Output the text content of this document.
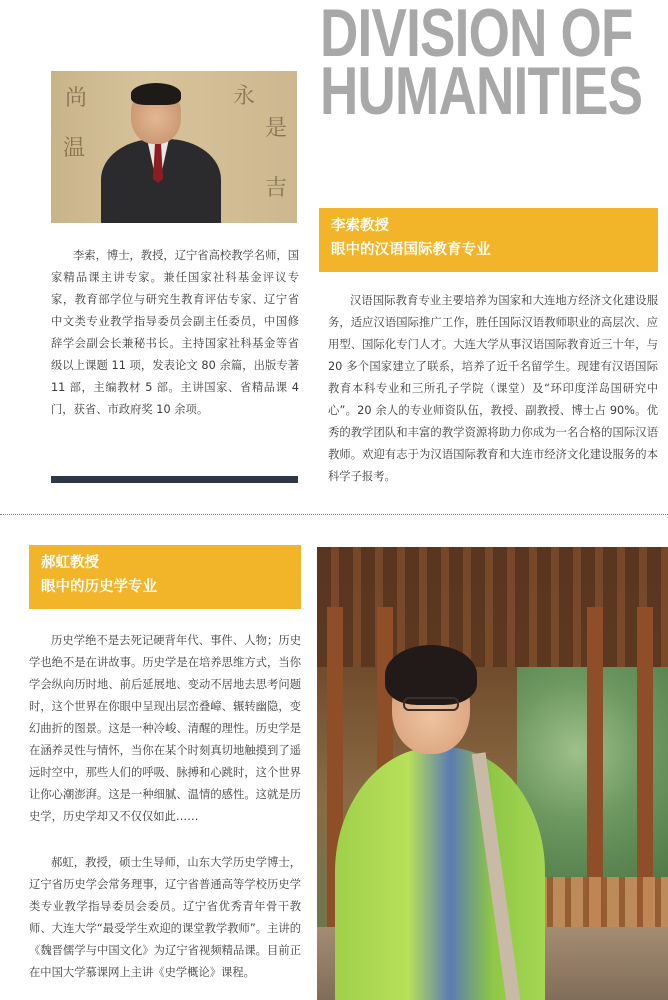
DIVISION OF
HUMANITIES
尚
温
永
是
吉
李索，博士，教授，辽宁省高校教学名师，国家精品课主讲专家。兼任国家社科基金评议专家，教育部学位与研究生教育评估专家、辽宁省中文类专业教学指导委员会副主任委员，中国修辞学会副会长兼秘书长。主持国家社科基金等省级以上课题 11 项，发表论文 80 余篇，出版专著 11 部，主编教材 5 部。主讲国家、省精品课 4 门，获省、市政府奖 10 余项。
李索教授
眼中的汉语国际教育专业
汉语国际教育专业主要培养为国家和大连地方经济文化建设服务，适应汉语国际推广工作，胜任国际汉语教师职业的高层次、应用型、国际化专门人才。大连大学从事汉语国际教育近三十年，与 20 多个国家建立了联系，培养了近千名留学生。现建有汉语国际教育本科专业和三所孔子学院（课堂）及“环印度洋岛国研究中心”。20 余人的专业师资队伍，教授、副教授、博士占 90%。优秀的教学团队和丰富的教学资源将助力你成为一名合格的国际汉语教师。欢迎有志于为汉语国际教育和大连市经济文化建设服务的本科学子报考。
郝虹教授
眼中的历史学专业
历史学绝不是去死记硬背年代、事件、人物；历史学也绝不是在讲故事。历史学是在培养思维方式，当你学会纵向历时地、前后延展地、变动不居地去思考问题时，这个世界在你眼中呈现出层峦叠嶂、辗转幽隐，变幻曲折的图景。这是一种冷峻、清醒的理性。历史学是在涵养灵性与情怀，当你在某个时刻真切地触摸到了遥远时空中，那些人们的呼吸、脉搏和心跳时，这个世界让你心潮澎湃。这是一种细腻、温情的感性。这就是历史学，历史学却又不仅仅如此……
郝虹，教授，硕士生导师，山东大学历史学博士，辽宁省历史学会常务理事，辽宁省普通高等学校历史学类专业教学指导委员会委员。辽宁省优秀青年骨干教师、大连大学“最受学生欢迎的课堂教学教师”。主讲的《魏晋儒学与中国文化》为辽宁省视频精品课。目前正在中国大学慕课网上主讲《史学概论》课程。
